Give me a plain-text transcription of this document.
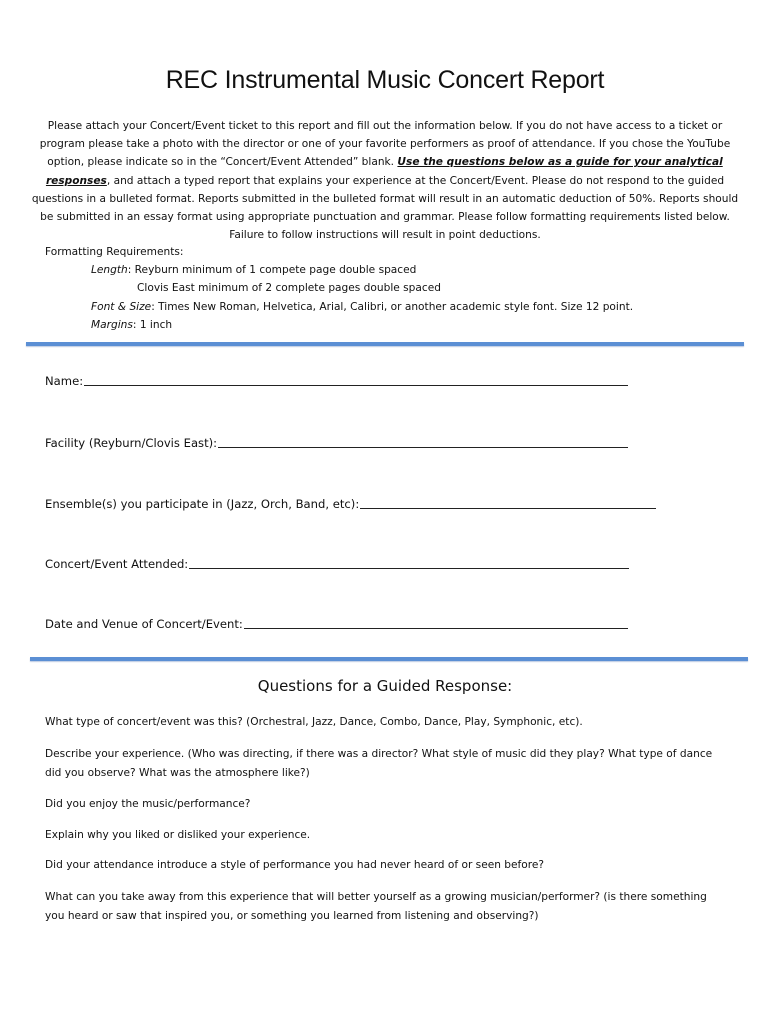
REC Instrumental Music Concert Report
Please attach your Concert/Event ticket to this report and fill out the information below. If you do not have access to a ticket or program please take a photo with the director or one of your favorite performers as proof of attendance. If you chose the YouTube option, please indicate so in the “Concert/Event Attended” blank. Use the questions below as a guide for your analytical responses, and attach a typed report that explains your experience at the Concert/Event. Please do not respond to the guided questions in a bulleted format. Reports submitted in the bulleted format will result in an automatic deduction of 50%. Reports should be submitted in an essay format using appropriate punctuation and grammar. Please follow formatting requirements listed below. Failure to follow instructions will result in point deductions.
Formatting Requirements:
Length: Reyburn minimum of 1 compete page double spaced
Clovis East minimum of 2 complete pages double spaced
Font & Size: Times New Roman, Helvetica, Arial, Calibri, or another academic style font. Size 12 point.
Margins: 1 inch
Name:
Facility (Reyburn/Clovis East):
Ensemble(s) you participate in (Jazz, Orch, Band, etc):
Concert/Event Attended:
Date and Venue of Concert/Event:
Questions for a Guided Response:
What type of concert/event was this? (Orchestral, Jazz, Dance, Combo, Dance, Play, Symphonic, etc).
Describe your experience. (Who was directing, if there was a director? What style of music did they play? What type of dance did you observe? What was the atmosphere like?)
Did you enjoy the music/performance?
Explain why you liked or disliked your experience.
Did your attendance introduce a style of performance you had never heard of or seen before?
What can you take away from this experience that will better yourself as a growing musician/performer? (is there something you heard or saw that inspired you, or something you learned from listening and observing?)
